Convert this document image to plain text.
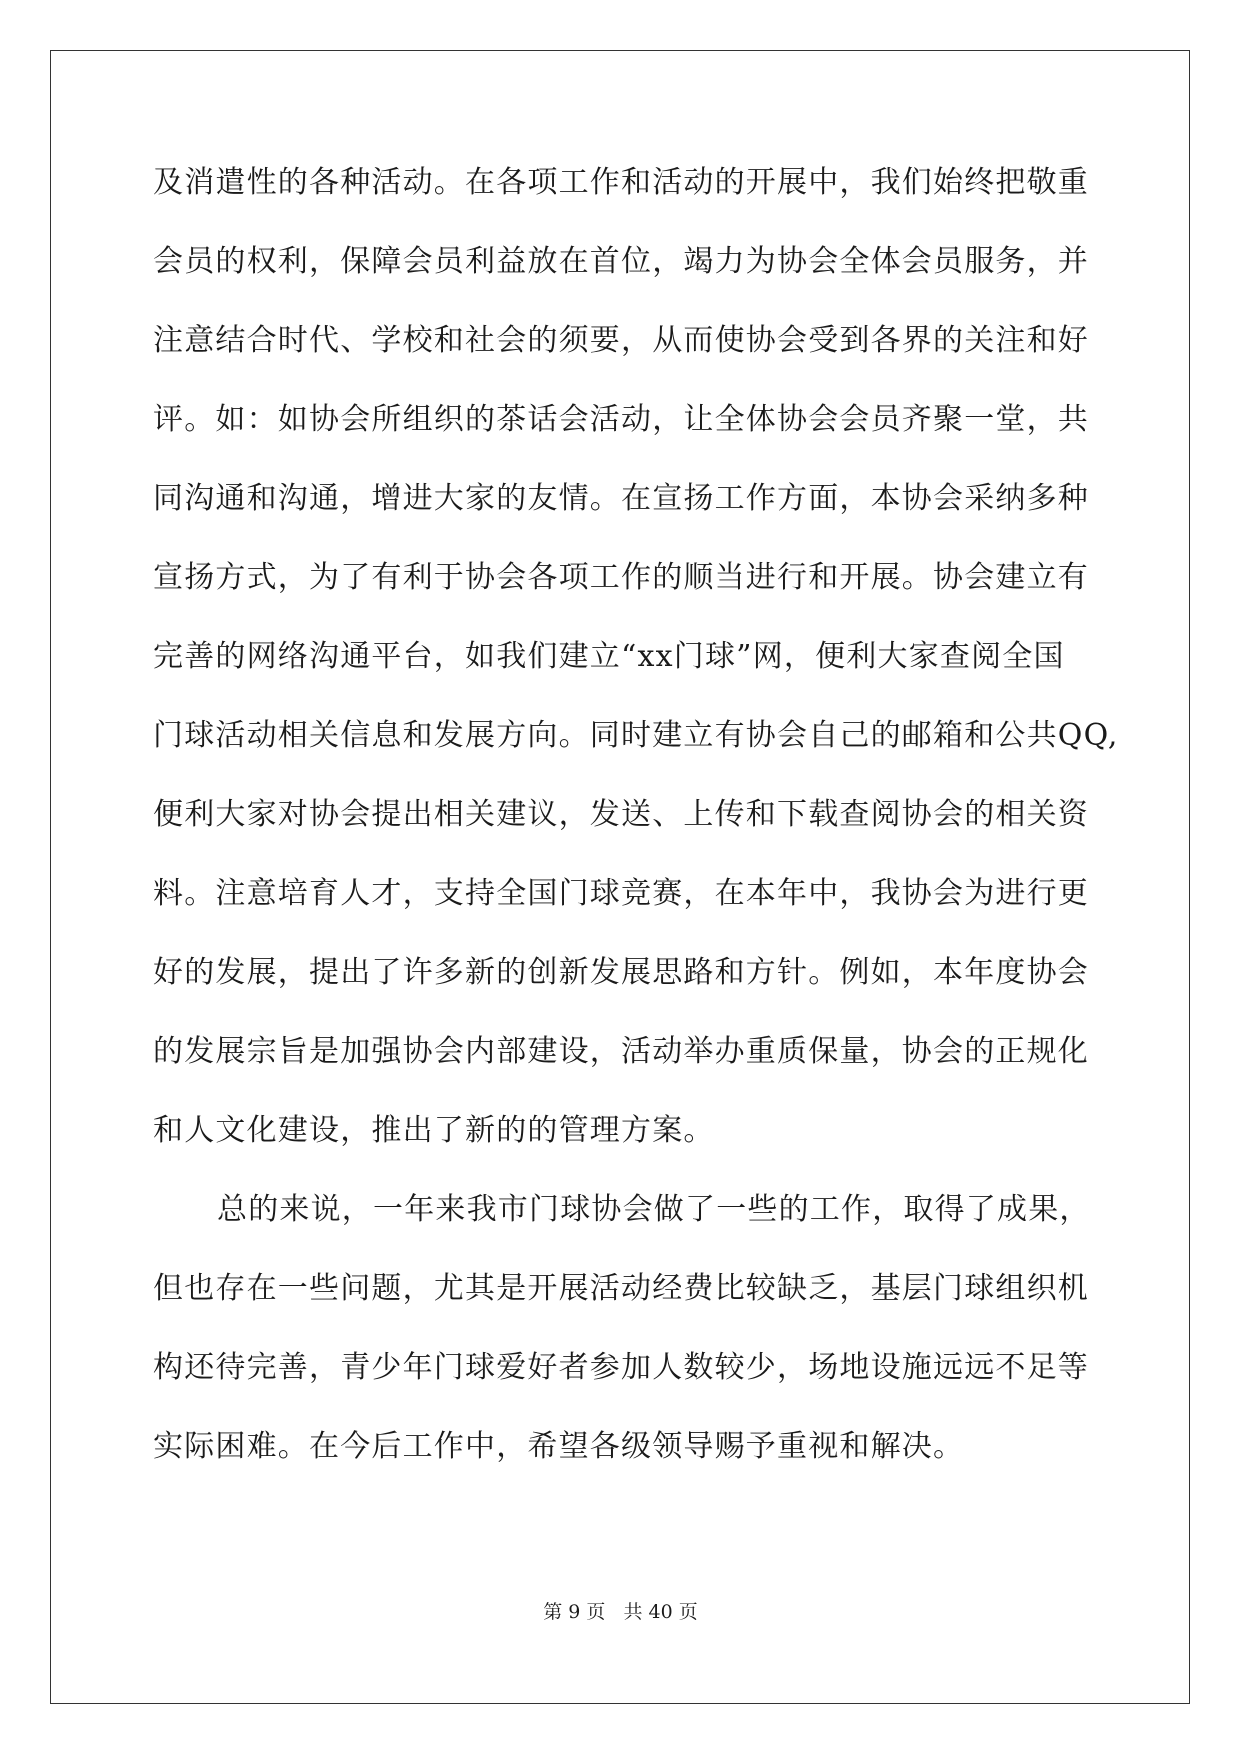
及消遣性的各种活动。在各项工作和活动的开展中，我们始终把敬重
会员的权利，保障会员利益放在首位，竭力为协会全体会员服务，并
注意结合时代、学校和社会的须要，从而使协会受到各界的关注和好
评。如：如协会所组织的茶话会活动，让全体协会会员齐聚一堂，共
同沟通和沟通，增进大家的友情。在宣扬工作方面，本协会采纳多种
宣扬方式，为了有利于协会各项工作的顺当进行和开展。协会建立有
完善的网络沟通平台，如我们建立“xx门球”网，便利大家查阅全国
门球活动相关信息和发展方向。同时建立有协会自己的邮箱和公共QQ,
便利大家对协会提出相关建议，发送、上传和下载查阅协会的相关资
料。注意培育人才，支持全国门球竞赛，在本年中，我协会为进行更
好的发展，提出了许多新的创新发展思路和方针。例如，本年度协会
的发展宗旨是加强协会内部建设，活动举办重质保量，协会的正规化
和人文化建设，推出了新的的管理方案。
总的来说，一年来我市门球协会做了一些的工作，取得了成果，
但也存在一些问题，尤其是开展活动经费比较缺乏，基层门球组织机
构还待完善，青少年门球爱好者参加人数较少，场地设施远远不足等
实际困难。在今后工作中，希望各级领导赐予重视和解决。
第 9 页   共 40 页
